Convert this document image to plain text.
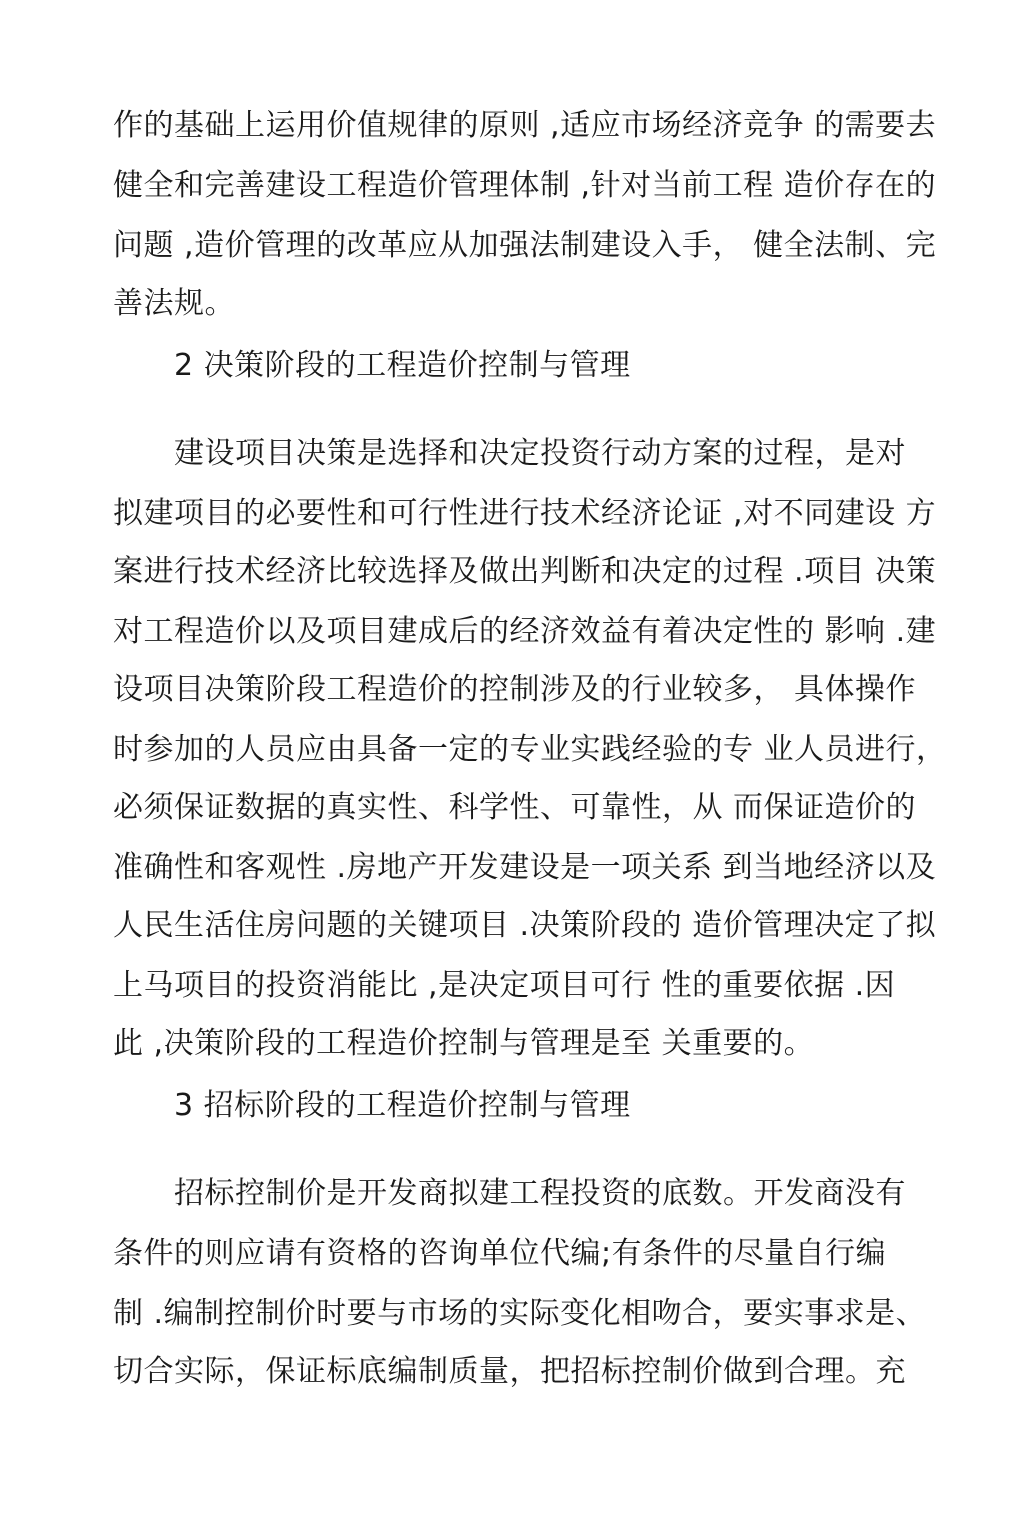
作的基础上运用价值规律的原则 ,适应市场经济竞争 的需要去
健全和完善建设工程造价管理体制 ,针对当前工程 造价存在的
问题 ,造价管理的改革应从加强法制建设入手， 健全法制、完
善法规。
2 决策阶段的工程造价控制与管理
建设项目决策是选择和决定投资行动方案的过程，是对
拟建项目的必要性和可行性进行技术经济论证 ,对不同建设 方
案进行技术经济比较选择及做出判断和决定的过程 .项目 决策
对工程造价以及项目建成后的经济效益有着决定性的 影响 .建
设项目决策阶段工程造价的控制涉及的行业较多， 具体操作
时参加的人员应由具备一定的专业实践经验的专 业人员进行，
必须保证数据的真实性、科学性、可靠性，从 而保证造价的
准确性和客观性 .房地产开发建设是一项关系 到当地经济以及
人民生活住房问题的关键项目 .决策阶段的 造价管理决定了拟
上马项目的投资消能比 ,是决定项目可行 性的重要依据 .因
此 ,决策阶段的工程造价控制与管理是至 关重要的。
3 招标阶段的工程造价控制与管理
招标控制价是开发商拟建工程投资的底数。开发商没有
条件的则应请有资格的咨询单位代编;有条件的尽量自行编
制 .编制控制价时要与市场的实际变化相吻合，要实事求是、
切合实际，保证标底编制质量，把招标控制价做到合理。充
